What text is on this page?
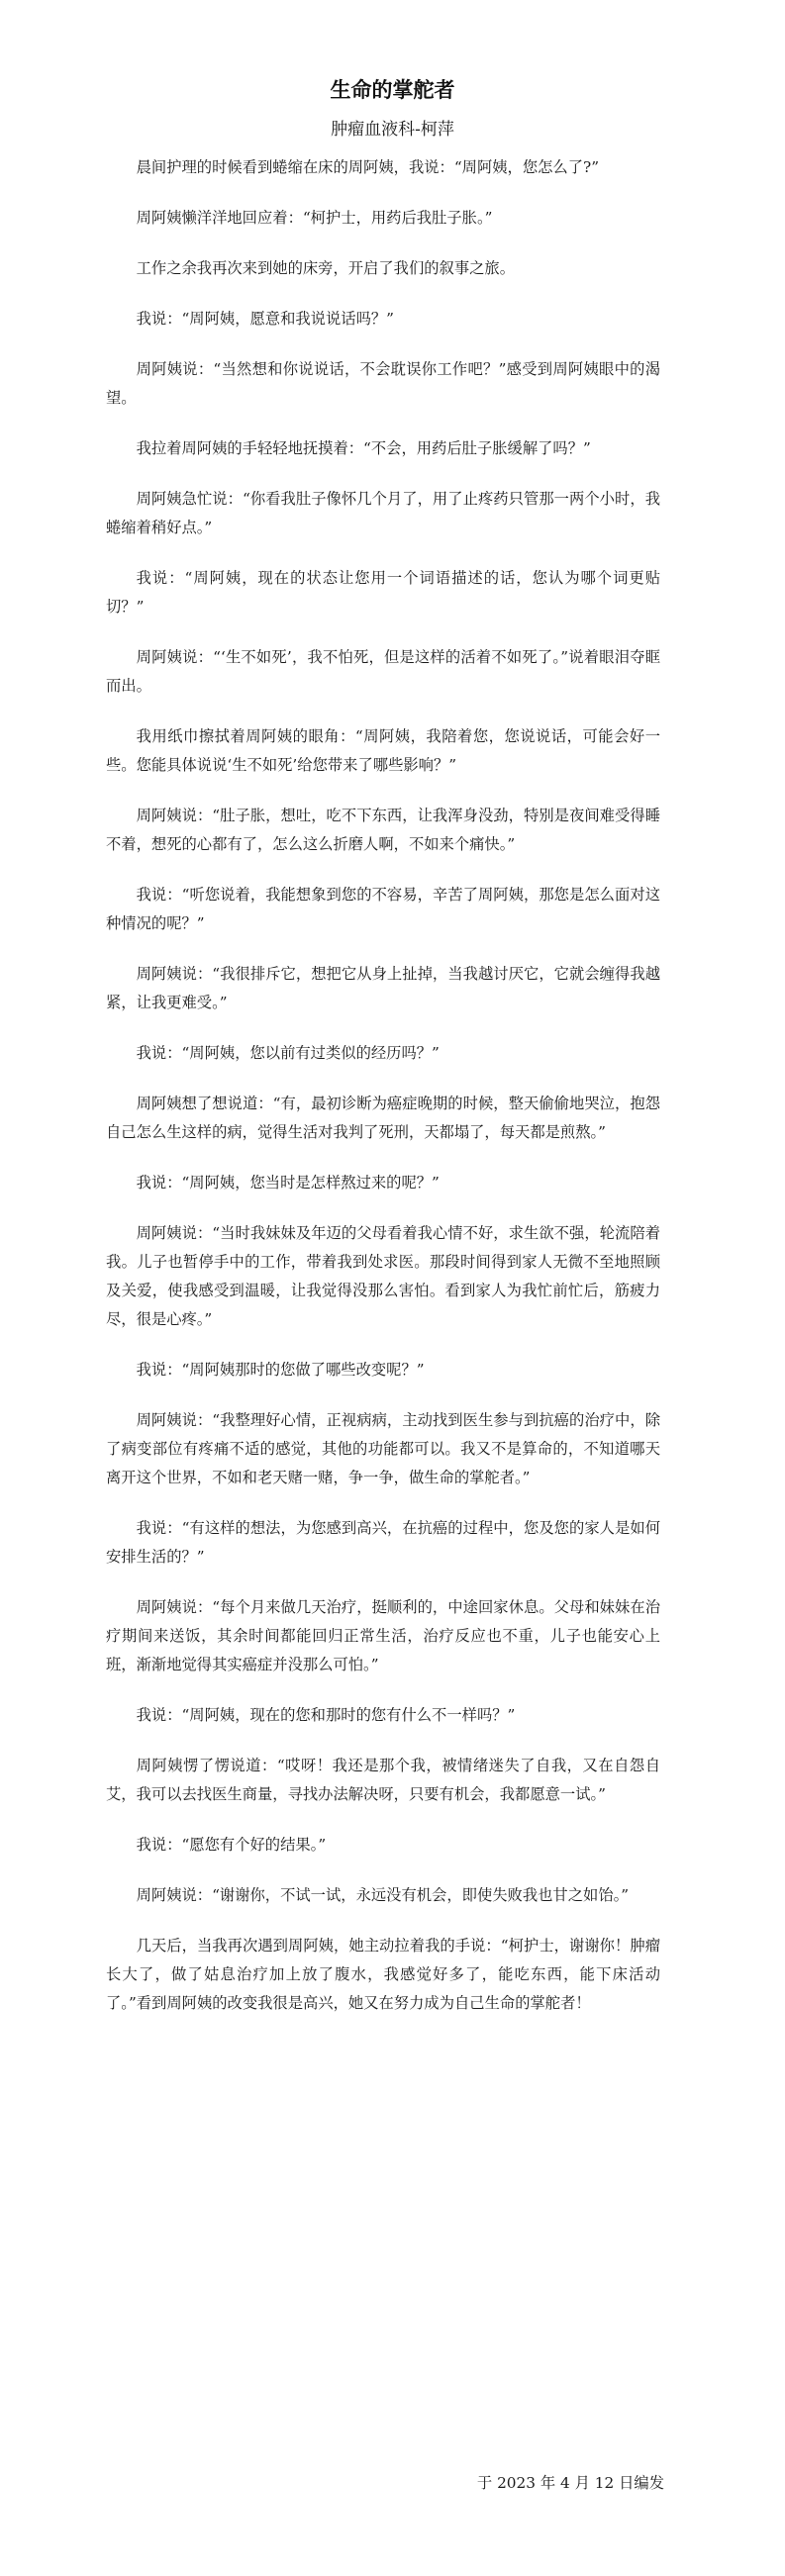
生命的掌舵者
肿瘤血液科-柯萍

晨间护理的时候看到蜷缩在床的周阿姨，我说：“周阿姨，您怎么了?”

周阿姨懒洋洋地回应着：“柯护士，用药后我肚子胀。”

工作之余我再次来到她的床旁，开启了我们的叙事之旅。

我说：“周阿姨，愿意和我说说话吗？”

周阿姨说：“当然想和你说说话，不会耽误你工作吧？”感受到周阿姨眼中的渴望。

我拉着周阿姨的手轻轻地抚摸着：“不会，用药后肚子胀缓解了吗？”

周阿姨急忙说：“你看我肚子像怀几个月了，用了止疼药只管那一两个小时，我蜷缩着稍好点。”

我说：“周阿姨，现在的状态让您用一个词语描述的话，您认为哪个词更贴切？”

周阿姨说：“‘生不如死’，我不怕死，但是这样的活着不如死了。”说着眼泪夺眶而出。

我用纸巾擦拭着周阿姨的眼角：“周阿姨，我陪着您，您说说话，可能会好一些。您能具体说说‘生不如死’给您带来了哪些影响？”

周阿姨说：“肚子胀，想吐，吃不下东西，让我浑身没劲，特别是夜间难受得睡不着，想死的心都有了，怎么这么折磨人啊，不如来个痛快。”

我说：“听您说着，我能想象到您的不容易，辛苦了周阿姨，那您是怎么面对这种情况的呢？”

周阿姨说：“我很排斥它，想把它从身上扯掉，当我越讨厌它，它就会缠得我越紧，让我更难受。”

我说：“周阿姨，您以前有过类似的经历吗？”

周阿姨想了想说道：“有，最初诊断为癌症晚期的时候，整天偷偷地哭泣，抱怨自己怎么生这样的病，觉得生活对我判了死刑，天都塌了，每天都是煎熬。”

我说：“周阿姨，您当时是怎样熬过来的呢？”

周阿姨说：“当时我妹妹及年迈的父母看着我心情不好，求生欲不强，轮流陪着我。儿子也暂停手中的工作，带着我到处求医。那段时间得到家人无微不至地照顾及关爱，使我感受到温暖，让我觉得没那么害怕。看到家人为我忙前忙后，筋疲力尽，很是心疼。”

我说：“周阿姨那时的您做了哪些改变呢？”

周阿姨说：“我整理好心情，正视病病，主动找到医生参与到抗癌的治疗中，除了病变部位有疼痛不适的感觉，其他的功能都可以。我又不是算命的，不知道哪天离开这个世界，不如和老天赌一赌，争一争，做生命的掌舵者。”

我说：“有这样的想法，为您感到高兴，在抗癌的过程中，您及您的家人是如何安排生活的？”

周阿姨说：“每个月来做几天治疗，挺顺利的，中途回家休息。父母和妹妹在治疗期间来送饭，其余时间都能回归正常生活，治疗反应也不重，儿子也能安心上班，渐渐地觉得其实癌症并没那么可怕。”

我说：“周阿姨，现在的您和那时的您有什么不一样吗？”

周阿姨愣了愣说道：“哎呀！我还是那个我，被情绪迷失了自我，又在自怨自艾，我可以去找医生商量，寻找办法解决呀，只要有机会，我都愿意一试。”

我说：“愿您有个好的结果。”

周阿姨说：“谢谢你，不试一试，永远没有机会，即使失败我也甘之如饴。”

几天后，当我再次遇到周阿姨，她主动拉着我的手说：“柯护士，谢谢你！肿瘤长大了，做了姑息治疗加上放了腹水，我感觉好多了，能吃东西，能下床活动了。”看到周阿姨的改变我很是高兴，她又在努力成为自己生命的掌舵者！

于 2023 年 4 月 12 日编发
